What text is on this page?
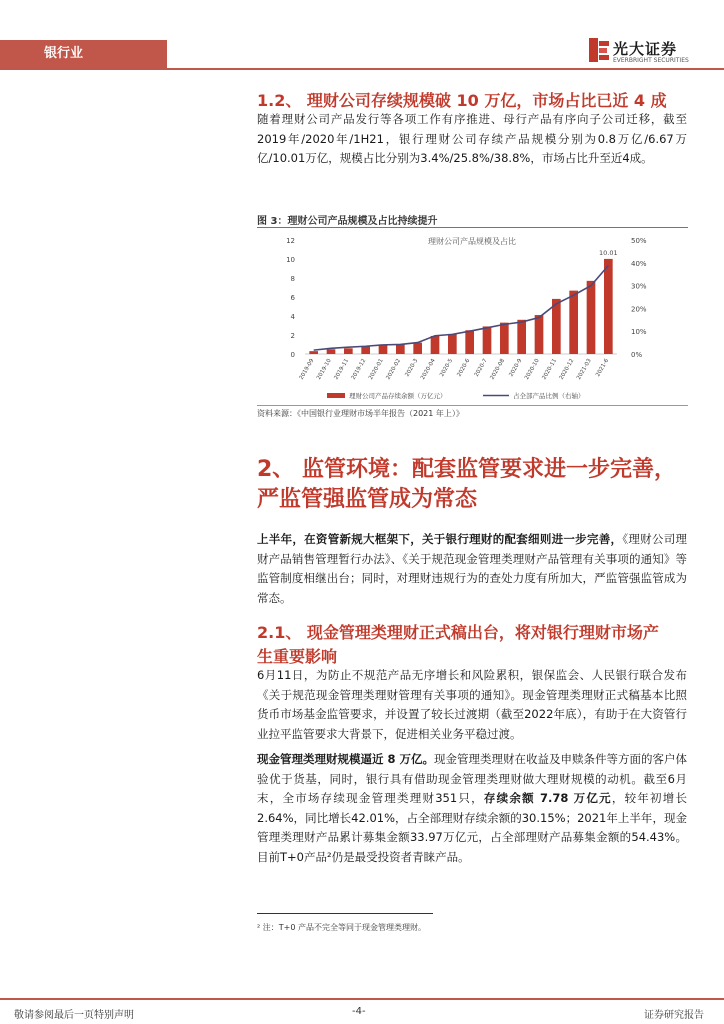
银行业	光大证券
EVERBRIGHT SECURITIES
1.2、 理财公司存续规模破 10 万亿，市场占比已近 4 成
随着理财公司产品发行等各项工作有序推进、母行产品有序向子公司迁移，截至2019年/2020年/1H21，银行理财公司存续产品规模分别为0.8万亿/6.67万亿/10.01万亿，规模占比分别为3.4%/25.8%/38.8%，市场占比升至近4成。
图 3：理财公司产品规模及占比持续提升
理财公司产品规模及占比
0
2
4
6
8
10
12
0%
10%
20%
30%
40%
50%
10.01
2019-09 2019-10 2019-11 2019-12 2020-01 2020-02 2020-3 2020-04 2020-5 2020-6 2020-7 2020-08 2020-9 2020-10 2020-11 2020-12 2021-03 2021-6
理财公司产品存续余额（万亿元）	占全部产品比例（右轴）
资料来源：《中国银行业理财市场半年报告（2021 年上）》
2、 监管环境：配套监管要求进一步完善，
严监管强监管成为常态
上半年，在资管新规大框架下，关于银行理财的配套细则进一步完善，《理财公司理财产品销售管理暂行办法》、《关于规范现金管理类理财产品管理有关事项的通知》等监管制度相继出台；同时，对理财违规行为的查处力度有所加大，严监管强监管成为常态。
2.1、 现金管理类理财正式稿出台，将对银行理财市场产
生重要影响
6月11日，为防止不规范产品无序增长和风险累积，银保监会、人民银行联合发布《关于规范现金管理类理财管理有关事项的通知》。现金管理类理财正式稿基本比照货币市场基金监管要求，并设置了较长过渡期（截至2022年底），有助于在大资管行业拉平监管要求大背景下，促进相关业务平稳过渡。
现金管理类理财规模逼近 8 万亿。现金管理类理财在收益及申赎条件等方面的客户体验优于货基，同时，银行具有借助现金管理类理财做大理财规模的动机。截至6月末，全市场存续现金管理类理财351只，存续余额 7.78 万亿元，较年初增长2.64%，同比增长42.01%，占全部理财存续余额的30.15%；2021年上半年，现金管理类理财产品累计募集金额33.97万亿元，占全部理财产品募集金额的54.43%。目前T+0产品²仍是最受投资者青睐产品。
² 注：T+0 产品不完全等同于现金管理类理财。
敬请参阅最后一页特别声明	-4-	证券研究报告
